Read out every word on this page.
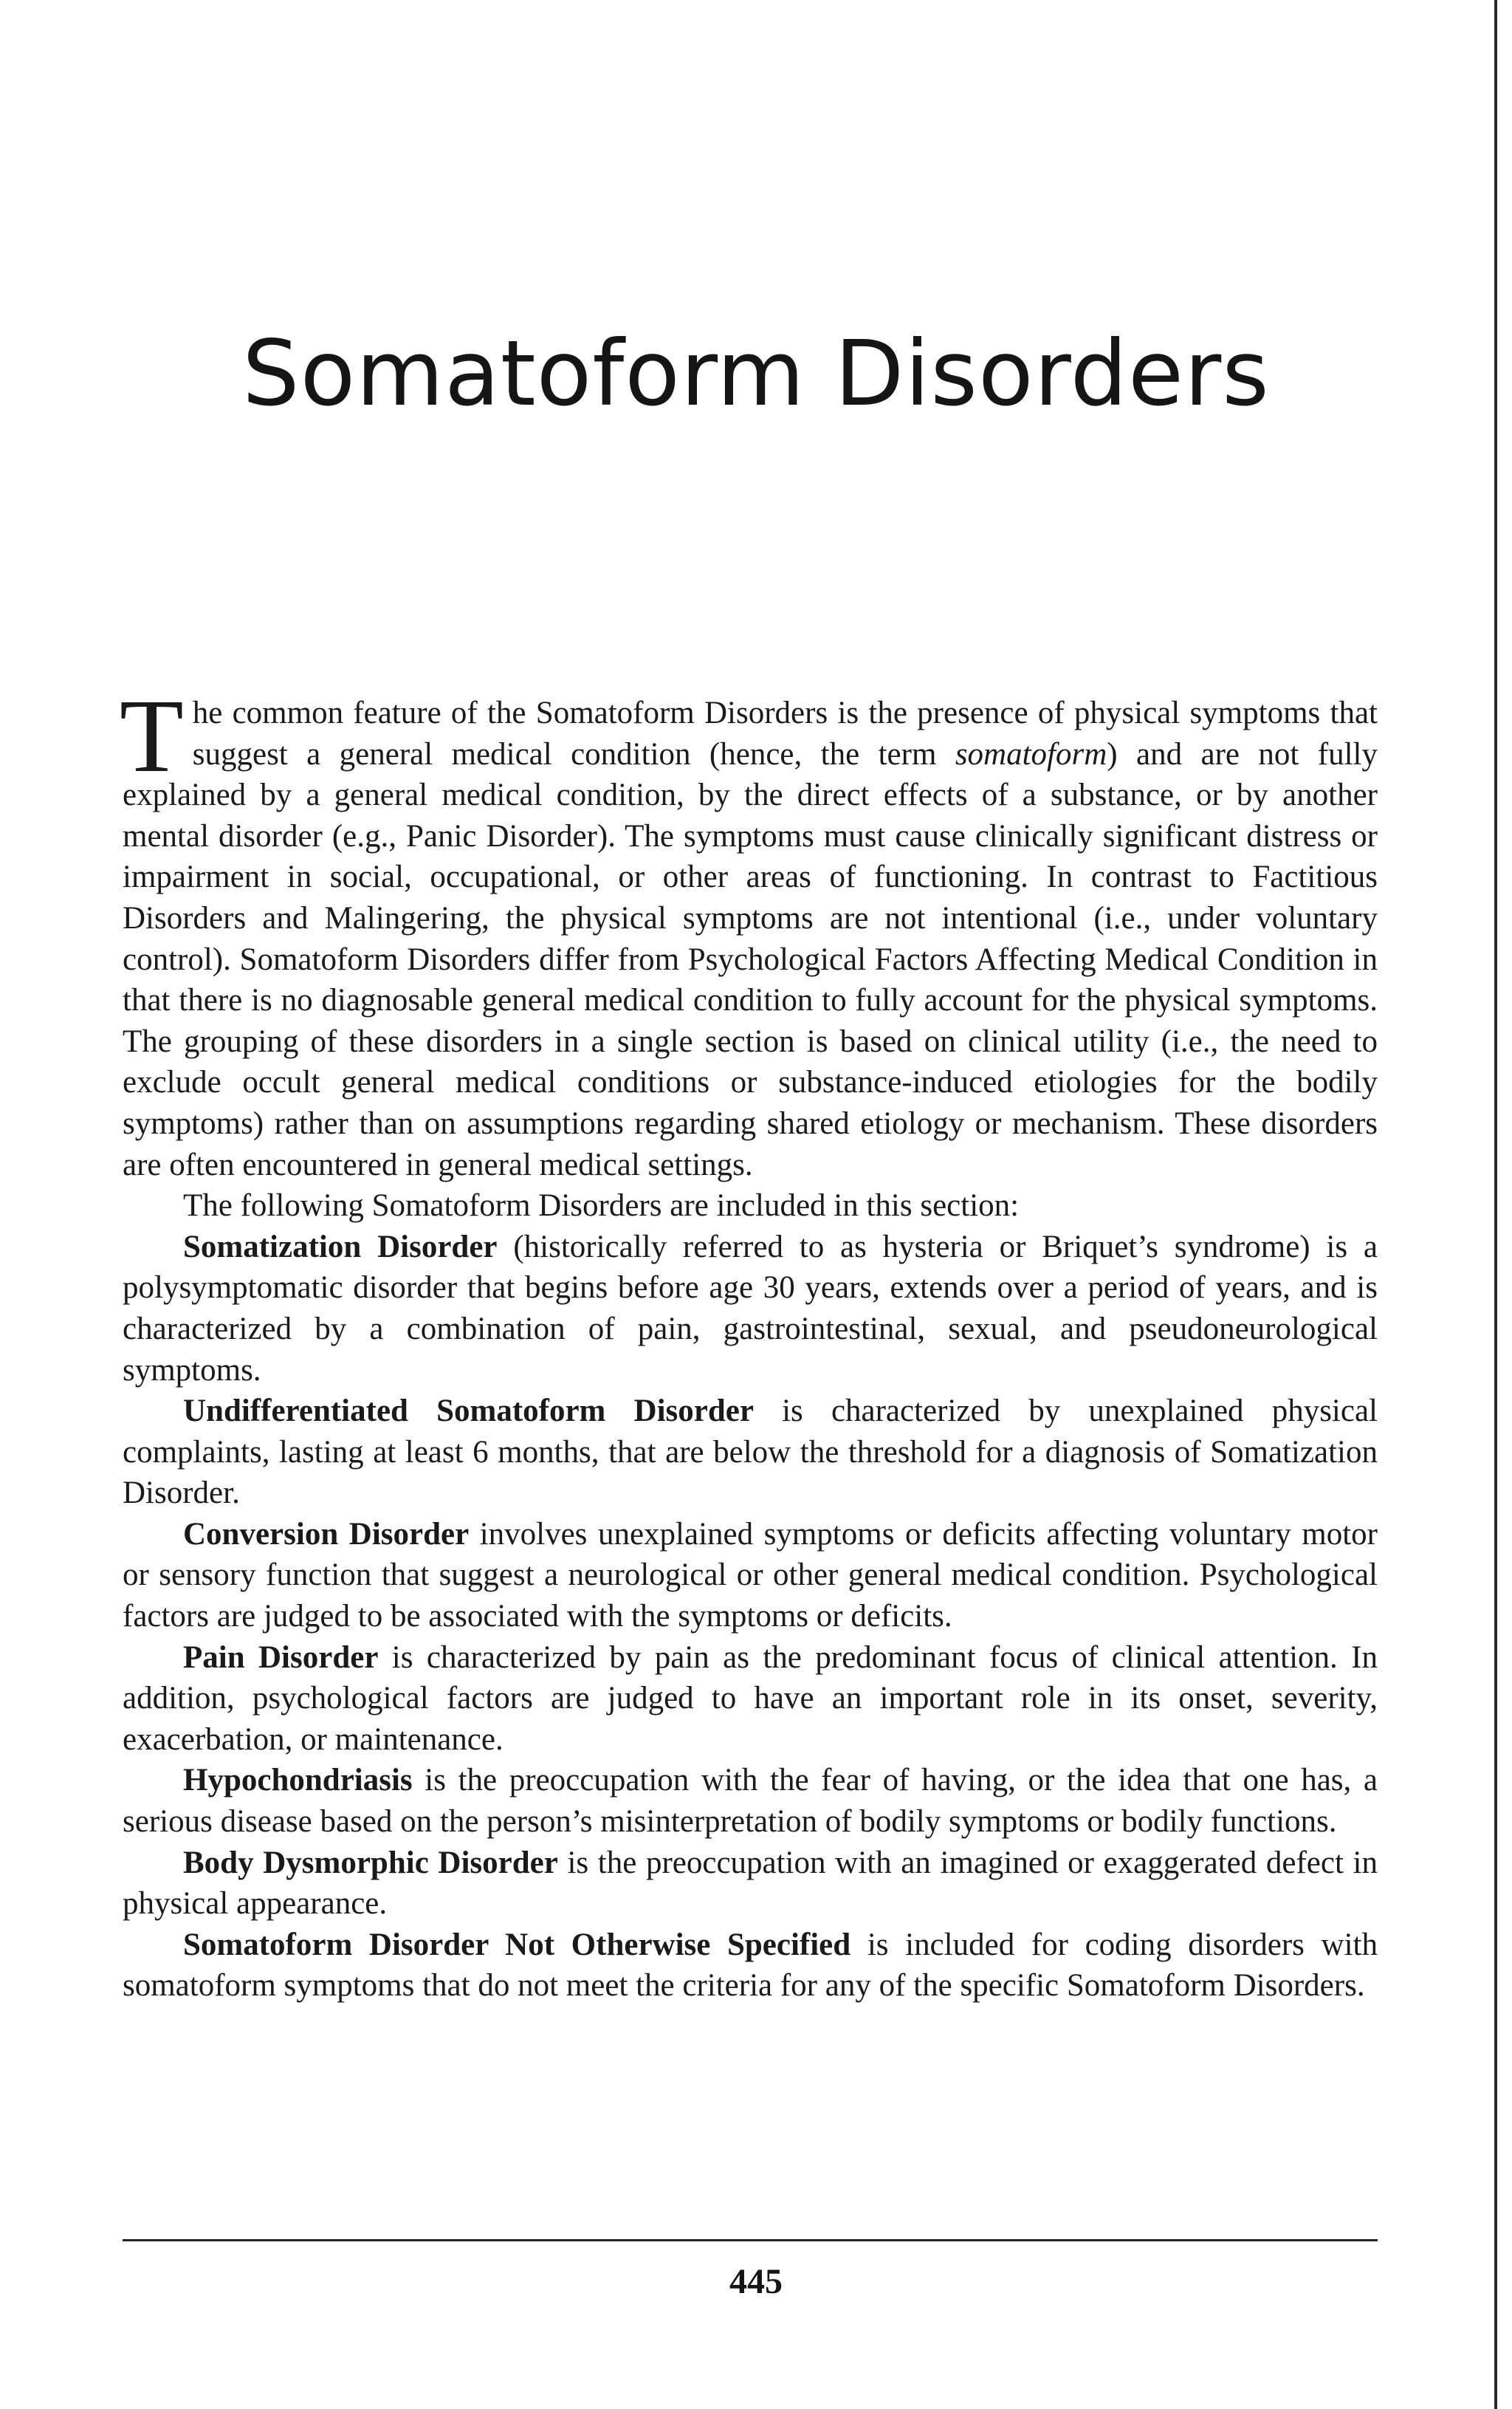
Somatoform Disorders

The common feature of the Somatoform Disorders is the presence of physical symptoms that suggest a general medical condition (hence, the term somatoform) and are not fully explained by a general medical condition, by the direct effects of a substance, or by another mental disorder (e.g., Panic Disorder). The symptoms must cause clinically significant distress or impairment in social, occupational, or other areas of functioning. In contrast to Factitious Disorders and Malingering, the physical symptoms are not intentional (i.e., under voluntary control). Somatoform Disorders differ from Psychological Factors Affecting Medical Condition in that there is no diagnosable general medical condition to fully account for the physical symptoms. The grouping of these disorders in a single section is based on clinical utility (i.e., the need to exclude occult general medical conditions or substance-induced etiologies for the bodily symptoms) rather than on assumptions regarding shared etiology or mechanism. These disorders are often encountered in general medical settings.

The following Somatoform Disorders are included in this section:

Somatization Disorder (historically referred to as hysteria or Briquet’s syndrome) is a polysymptomatic disorder that begins before age 30 years, extends over a period of years, and is characterized by a combination of pain, gastrointestinal, sexual, and pseudoneurological symptoms.

Undifferentiated Somatoform Disorder is characterized by unexplained physical complaints, lasting at least 6 months, that are below the threshold for a diagnosis of Somatization Disorder.

Conversion Disorder involves unexplained symptoms or deficits affecting voluntary motor or sensory function that suggest a neurological or other general medical condition. Psychological factors are judged to be associated with the symptoms or deficits.

Pain Disorder is characterized by pain as the predominant focus of clinical attention. In addition, psychological factors are judged to have an important role in its onset, severity, exacerbation, or maintenance.

Hypochondriasis is the preoccupation with the fear of having, or the idea that one has, a serious disease based on the person’s misinterpretation of bodily symptoms or bodily functions.

Body Dysmorphic Disorder is the preoccupation with an imagined or exaggerated defect in physical appearance.

Somatoform Disorder Not Otherwise Specified is included for coding disorders with somatoform symptoms that do not meet the criteria for any of the specific Somatoform Disorders.

445
